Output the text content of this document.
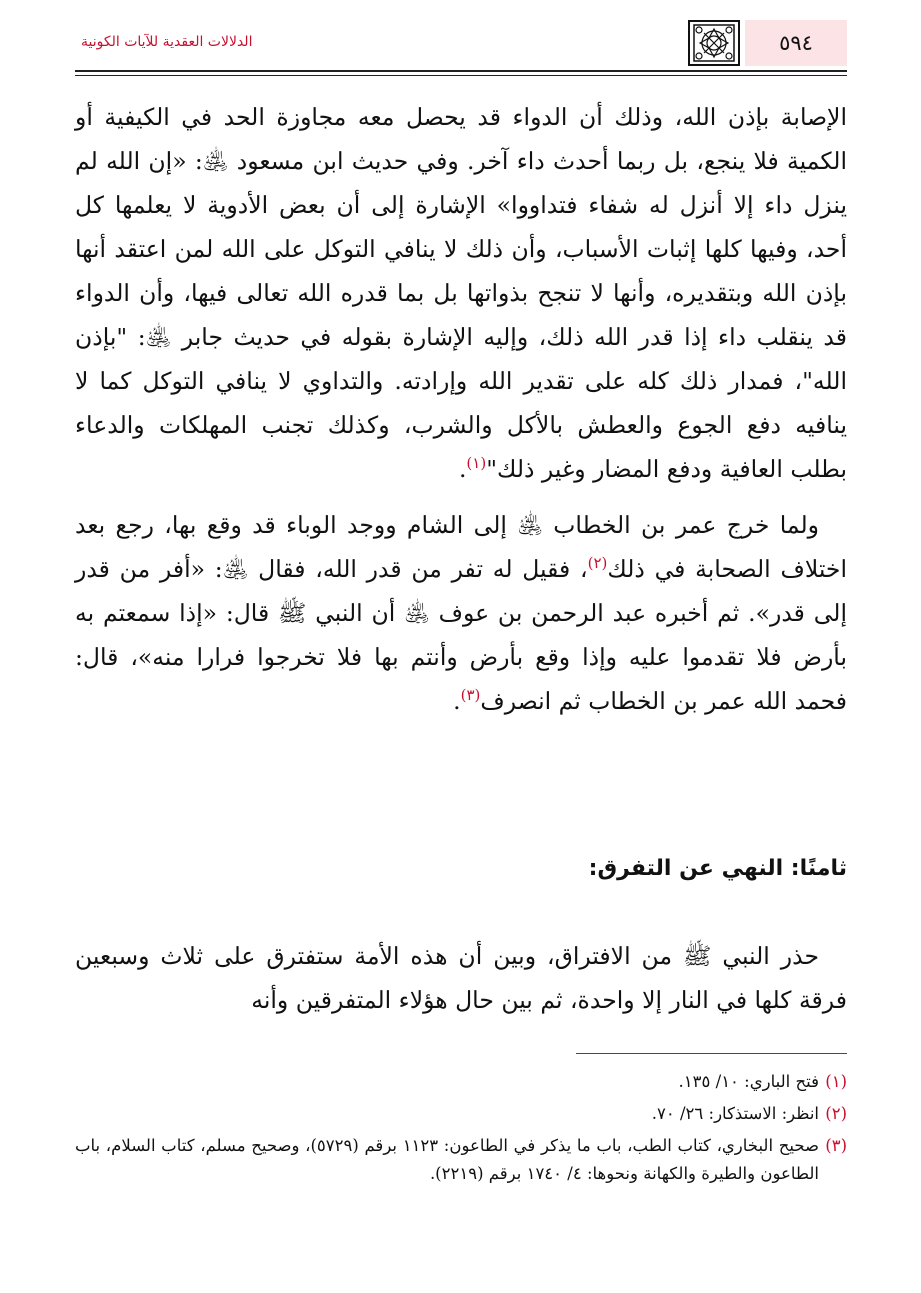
٥٩٤
الدلالات العقدية للآيات الكونية

الإصابة بإذن الله، وذلك أن الدواء قد يحصل معه مجاوزة الحد في الكيفية أو الكمية فلا ينجع، بل ربما أحدث داء آخر. وفي حديث ابن مسعود ﵁: «إن الله لم ينزل داء إلا أنزل له شفاء فتداووا» الإشارة إلى أن بعض الأدوية لا يعلمها كل أحد، وفيها كلها إثبات الأسباب، وأن ذلك لا ينافي التوكل على الله لمن اعتقد أنها بإذن الله وبتقديره، وأنها لا تنجح بذواتها بل بما قدره الله تعالى فيها، وأن الدواء قد ينقلب داء إذا قدر الله ذلك، وإليه الإشارة بقوله في حديث جابر ﵁: "بإذن الله"، فمدار ذلك كله على تقدير الله وإرادته. والتداوي لا ينافي التوكل كما لا ينافيه دفع الجوع والعطش بالأكل والشرب، وكذلك تجنب المهلكات والدعاء بطلب العافية ودفع المضار وغير ذلك"$^{(١)}$.

ولما خرج عمر بن الخطاب ﵁ إلى الشام ووجد الوباء قد وقع بها، رجع بعد اختلاف الصحابة في ذلك$^{(٢)}$، فقيل له تفر من قدر الله، فقال ﵁: «أفر من قدر إلى قدر». ثم أخبره عبد الرحمن بن عوف ﵁ أن النبي ﷺ قال: «إذا سمعتم به بأرض فلا تقدموا عليه وإذا وقع بأرض وأنتم بها فلا تخرجوا فرارا منه»، قال: فحمد الله عمر بن الخطاب ثم انصرف$^{(٣)}$.

ثامنًا: النهي عن التفرق:
حذر النبي ﷺ من الافتراق، وبين أن هذه الأمة ستفترق على ثلاث وسبعين فرقة كلها في النار إلا واحدة، ثم بين حال هؤلاء المتفرقين وأنه
(١)
فتح الباري: ١٠/ ١٣٥.
(٢)
انظر: الاستذكار: ٢٦/ ٧٠.
(٣)
صحيح البخاري، كتاب الطب، باب ما يذكر في الطاعون: ١١٢٣ برقم (٥٧٢٩)، وصحيح مسلم، كتاب السلام، باب الطاعون والطيرة والكهانة ونحوها: ٤/ ١٧٤٠ برقم (٢٢١٩).
